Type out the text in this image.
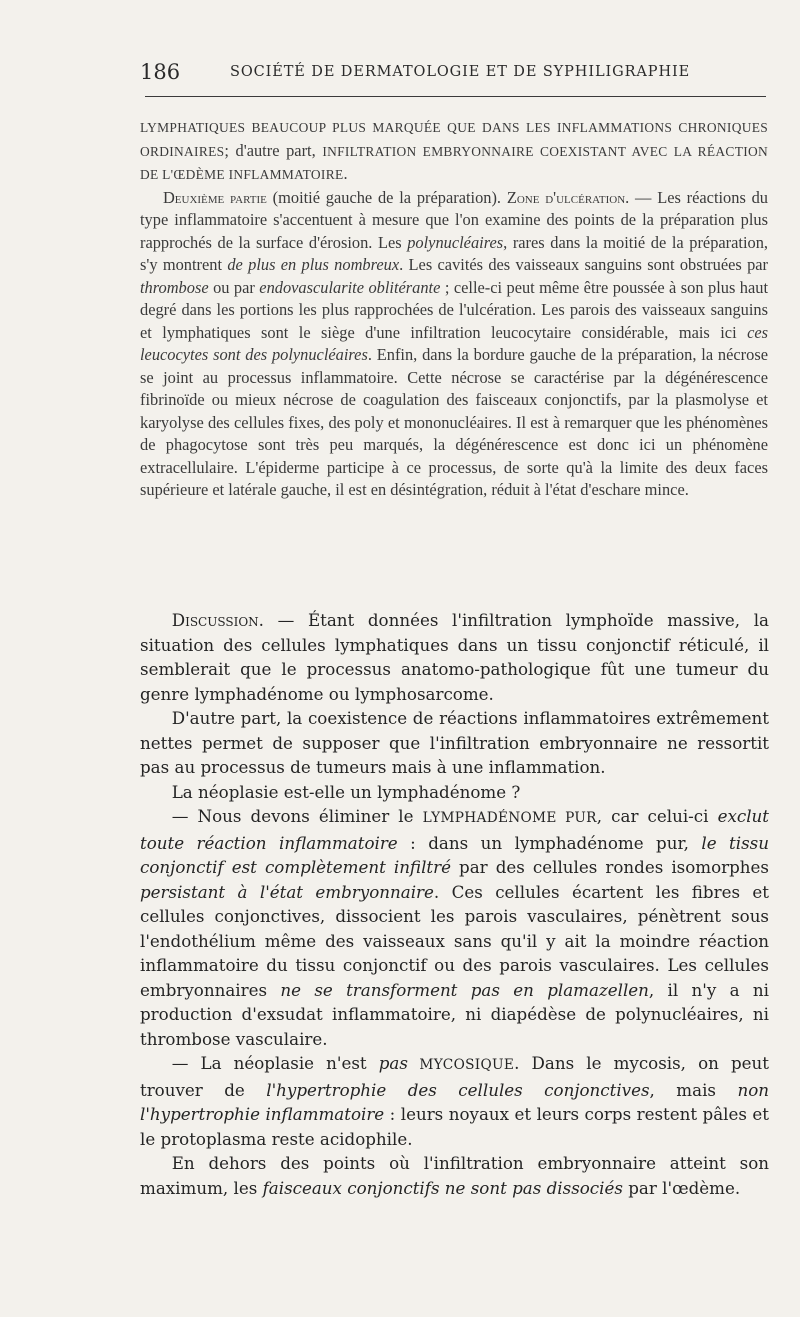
186	SOCIÉTÉ DE DERMATOLOGIE ET DE SYPHILIGRAPHIE

LYMPHATIQUES BEAUCOUP PLUS MARQUÉE QUE DANS LES INFLAMMATIONS CHRONIQUES ORDINAIRES; d'autre part, INFILTRATION EMBRYONNAIRE COEXISTANT AVEC LA RÉACTION DE L'ŒDÈME INFLAMMATOIRE.

Deuxième partie (moitié gauche de la préparation). Zone d'ulcération. — Les réactions du type inflammatoire s'accentuent à mesure que l'on examine des points de la préparation plus rapprochés de la surface d'érosion. Les polynucléaires, rares dans la moitié de la préparation, s'y montrent de plus en plus nombreux. Les cavités des vaisseaux sanguins sont obstruées par thrombose ou par endovascularite oblitérante ; celle-ci peut même être poussée à son plus haut degré dans les portions les plus rapprochées de l'ulcération. Les parois des vaisseaux sanguins et lymphatiques sont le siège d'une infiltration leucocytaire considérable, mais ici ces leucocytes sont des polynucléaires. Enfin, dans la bordure gauche de la préparation, la nécrose se joint au processus inflammatoire. Cette nécrose se caractérise par la dégénérescence fibrinoïde ou mieux nécrose de coagulation des faisceaux conjonctifs, par la plasmolyse et karyolyse des cellules fixes, des poly et mononucléaires. Il est à remarquer que les phénomènes de phagocytose sont très peu marqués, la dégénérescence est donc ici un phénomène extracellulaire. L'épiderme participe à ce processus, de sorte qu'à la limite des deux faces supérieure et latérale gauche, il est en désintégration, réduit à l'état d'eschare mince.

Discussion. — Étant données l'infiltration lymphoïde massive, la situation des cellules lymphatiques dans un tissu conjonctif réticulé, il semblerait que le processus anatomo-pathologique fût une tumeur du genre lymphadénome ou lymphosarcome.

D'autre part, la coexistence de réactions inflammatoires extrêmement nettes permet de supposer que l'infiltration embryonnaire ne ressortit pas au processus de tumeurs mais à une inflammation.

La néoplasie est-elle un lymphadénome ?

— Nous devons éliminer le LYMPHADÉNOME PUR, car celui-ci exclut toute réaction inflammatoire : dans un lymphadénome pur, le tissu conjonctif est complètement infiltré par des cellules rondes isomorphes persistant à l'état embryonnaire. Ces cellules écartent les fibres et cellules conjonctives, dissocient les parois vasculaires, pénètrent sous l'endothélium même des vaisseaux sans qu'il y ait la moindre réaction inflammatoire du tissu conjonctif ou des parois vasculaires. Les cellules embryonnaires ne se transforment pas en plamazellen, il n'y a ni production d'exsudat inflammatoire, ni diapédèse de polynucléaires, ni thrombose vasculaire.

— La néoplasie n'est pas MYCOSIQUE. Dans le mycosis, on peut trouver de l'hypertrophie des cellules conjonctives, mais non l'hypertrophie inflammatoire : leurs noyaux et leurs corps restent pâles et le protoplasma reste acidophile.

En dehors des points où l'infiltration embryonnaire atteint son maximum, les faisceaux conjonctifs ne sont pas dissociés par l'œdème.
